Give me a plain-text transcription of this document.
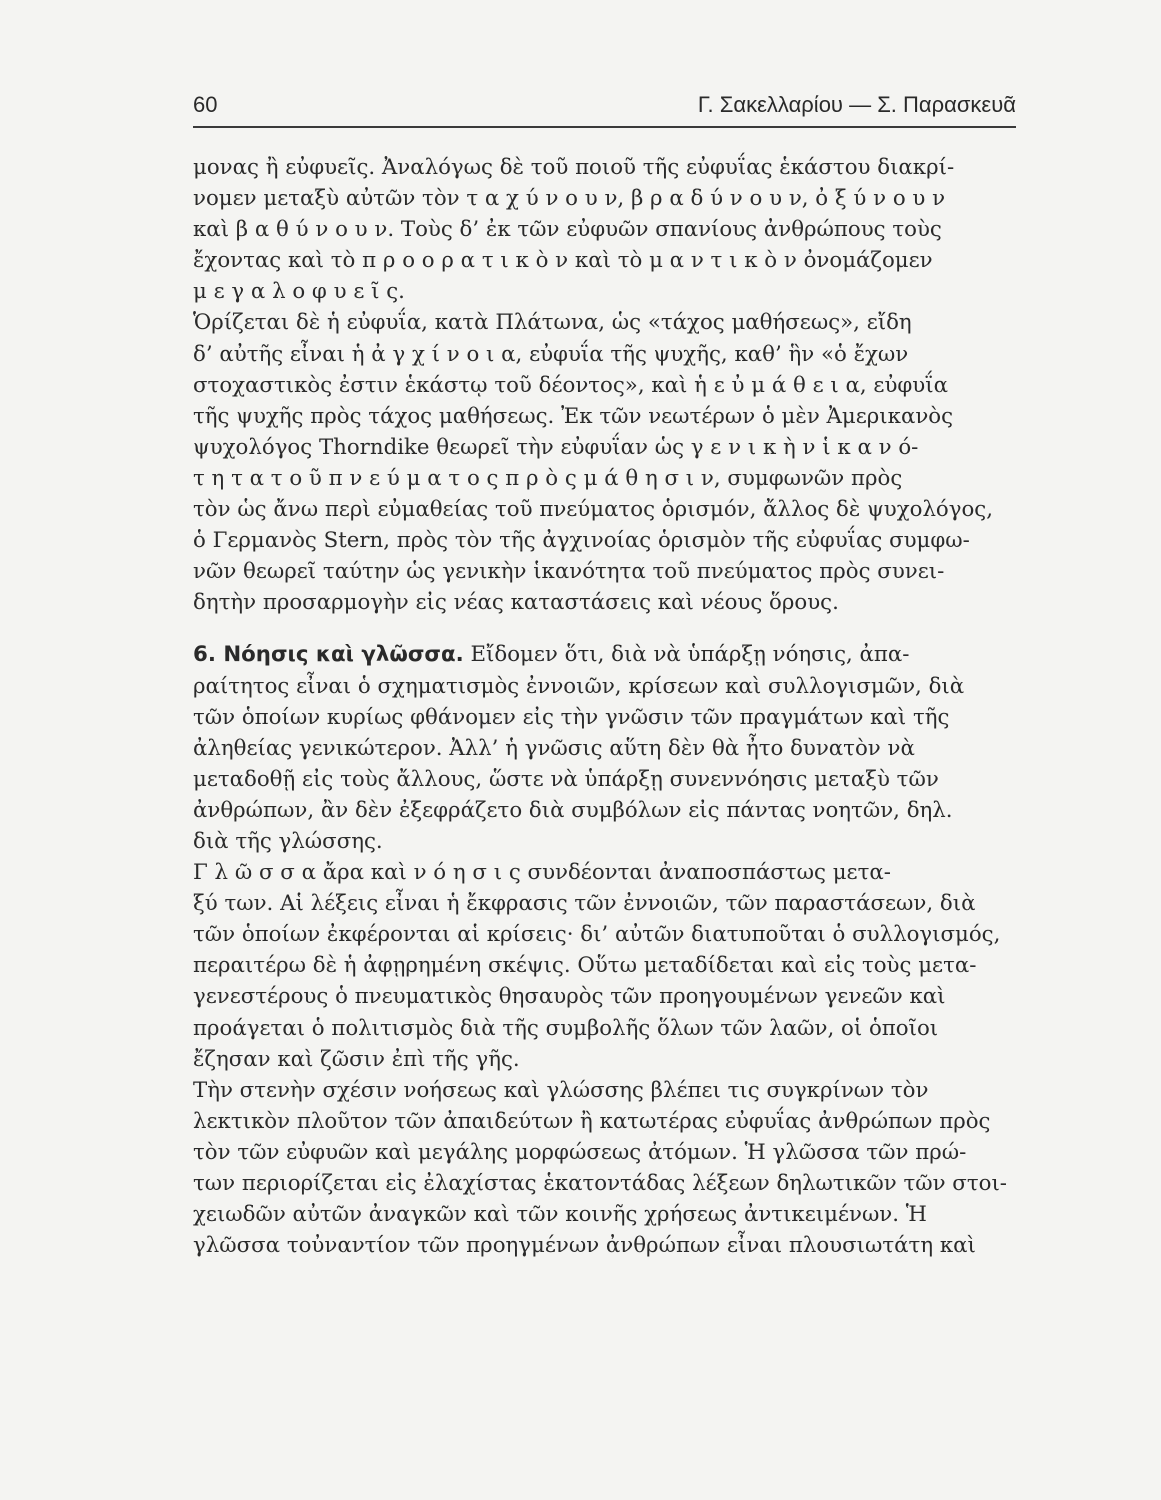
60	Γ. Σακελλαρίου — Σ. Παρασκευᾶ

μονας ἢ εὐφυεῖς. Ἀναλόγως δὲ τοῦ ποιοῦ τῆς εὐφυΐας ἑκάστου διακρί-
νομεν μεταξὺ αὐτῶν τὸν τ α χ ύ ν ο υ ν, β ρ α δ ύ ν ο υ ν, ὀ ξ ύ ν ο υ ν
καὶ β α θ ύ ν ο υ ν. Τοὺς δ’ ἐκ τῶν εὐφυῶν σπανίους ἀνθρώπους τοὺς
ἔχοντας καὶ τὸ π ρ ο ο ρ α τ ι κ ὸ ν καὶ τὸ μ α ν τ ι κ ὸ ν ὀνομάζομεν
μ ε γ α λ ο φ υ ε ῖ ς.

Ὁρίζεται δὲ ἡ εὐφυΐα, κατὰ Πλάτωνα, ὡς «τάχος μαθήσεως», εἴδη
δ’ αὐτῆς εἶναι ἡ ἀ γ χ ί ν ο ι α, εὐφυΐα τῆς ψυχῆς, καθ’ ἣν «ὁ ἔχων
στοχαστικὸς ἐστιν ἑκάστῳ τοῦ δέοντος», καὶ ἡ ε ὐ μ ά θ ε ι α, εὐφυΐα
τῆς ψυχῆς πρὸς τάχος μαθήσεως. Ἐκ τῶν νεωτέρων ὁ μὲν Ἀμερικανὸς
ψυχολόγος Thorndike θεωρεῖ τὴν εὐφυΐαν ὡς γ ε ν ι κ ὴ ν ἱ κ α ν ό-
τ η τ α τ ο ῦ π ν ε ύ μ α τ ο ς π ρ ὸ ς μ ά θ η σ ι ν, συμφωνῶν πρὸς
τὸν ὡς ἄνω περὶ εὐμαθείας τοῦ πνεύματος ὁρισμόν, ἄλλος δὲ ψυχολόγος,
ὁ Γερμανὸς Stern, πρὸς τὸν τῆς ἀγχινοίας ὁρισμὸν τῆς εὐφυΐας συμφω-
νῶν θεωρεῖ ταύτην ὡς γενικὴν ἱκανότητα τοῦ πνεύματος πρὸς συνει-
δητὴν προσαρμογὴν εἰς νέας καταστάσεις καὶ νέους ὅρους.

6. Νόησις καὶ γλῶσσα. Εἴδομεν ὅτι, διὰ νὰ ὑπάρξῃ νόησις, ἀπα-
ραίτητος εἶναι ὁ σχηματισμὸς ἐννοιῶν, κρίσεων καὶ συλλογισμῶν, διὰ
τῶν ὁποίων κυρίως φθάνομεν εἰς τὴν γνῶσιν τῶν πραγμάτων καὶ τῆς
ἀληθείας γενικώτερον. Ἀλλ’ ἡ γνῶσις αὕτη δὲν θὰ ἦτο δυνατὸν νὰ
μεταδοθῇ εἰς τοὺς ἄλλους, ὥστε νὰ ὑπάρξῃ συνεννόησις μεταξὺ τῶν
ἀνθρώπων, ἂν δὲν ἐξεφράζετο διὰ συμβόλων εἰς πάντας νοητῶν, δηλ.
διὰ τῆς γλώσσης.

Γ λ ῶ σ σ α ἄρα καὶ ν ό η σ ι ς συνδέονται ἀναποσπάστως μετα-
ξύ των. Αἱ λέξεις εἶναι ἡ ἔκφρασις τῶν ἐννοιῶν, τῶν παραστάσεων, διὰ
τῶν ὁποίων ἐκφέρονται αἱ κρίσεις· δι’ αὐτῶν διατυποῦται ὁ συλλογισμός,
περαιτέρω δὲ ἡ ἀφῃρημένη σκέψις. Οὕτω μεταδίδεται καὶ εἰς τοὺς μετα-
γενεστέρους ὁ πνευματικὸς θησαυρὸς τῶν προηγουμένων γενεῶν καὶ
προάγεται ὁ πολιτισμὸς διὰ τῆς συμβολῆς ὅλων τῶν λαῶν, οἱ ὁποῖοι
ἔζησαν καὶ ζῶσιν ἐπὶ τῆς γῆς.

Τὴν στενὴν σχέσιν νοήσεως καὶ γλώσσης βλέπει τις συγκρίνων τὸν
λεκτικὸν πλοῦτον τῶν ἀπαιδεύτων ἢ κατωτέρας εὐφυΐας ἀνθρώπων πρὸς
τὸν τῶν εὐφυῶν καὶ μεγάλης μορφώσεως ἀτόμων. Ἡ γλῶσσα τῶν πρώ-
των περιορίζεται εἰς ἐλαχίστας ἑκατοντάδας λέξεων δηλωτικῶν τῶν στοι-
χειωδῶν αὐτῶν ἀναγκῶν καὶ τῶν κοινῆς χρήσεως ἀντικειμένων. Ἡ
γλῶσσα τοὐναντίον τῶν προηγμένων ἀνθρώπων εἶναι πλουσιωτάτη καὶ
